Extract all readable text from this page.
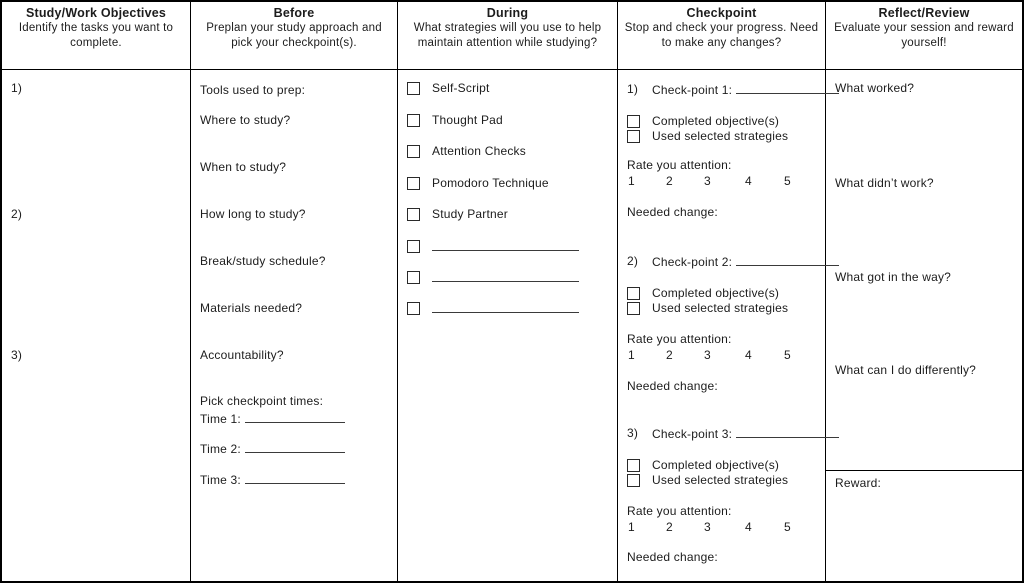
Study/Work Objectives
Identify the tasks you want to complete.
1)
2)
3)
Before
Preplan your study approach and pick your checkpoint(s).
Tools used to prep:
Where to study?
When to study?
How long to study?
Break/study schedule?
Materials needed?
Accountability?
Pick checkpoint times:
Time 1:
Time 2:
Time 3:
During
What strategies will you use to help maintain attention while studying?
Self-Script
Thought Pad
Attention Checks
Pomodoro Technique
Study Partner
Checkpoint
Stop and check your progress. Need to make any changes?
1) Check-point 1:
Completed objective(s)
Used selected strategies
Rate you attention:
1	2	3	4	5
Needed change:
2) Check-point 2:
Completed objective(s)
Used selected strategies
Rate you attention:
1	2	3	4	5
Needed change:
3) Check-point 3:
Completed objective(s)
Used selected strategies
Rate you attention:
1	2	3	4	5
Needed change:
Reflect/Review
Evaluate your session and reward yourself!
What worked?
What didn’t work?
What got in the way?
What can I do differently?
Reward:
